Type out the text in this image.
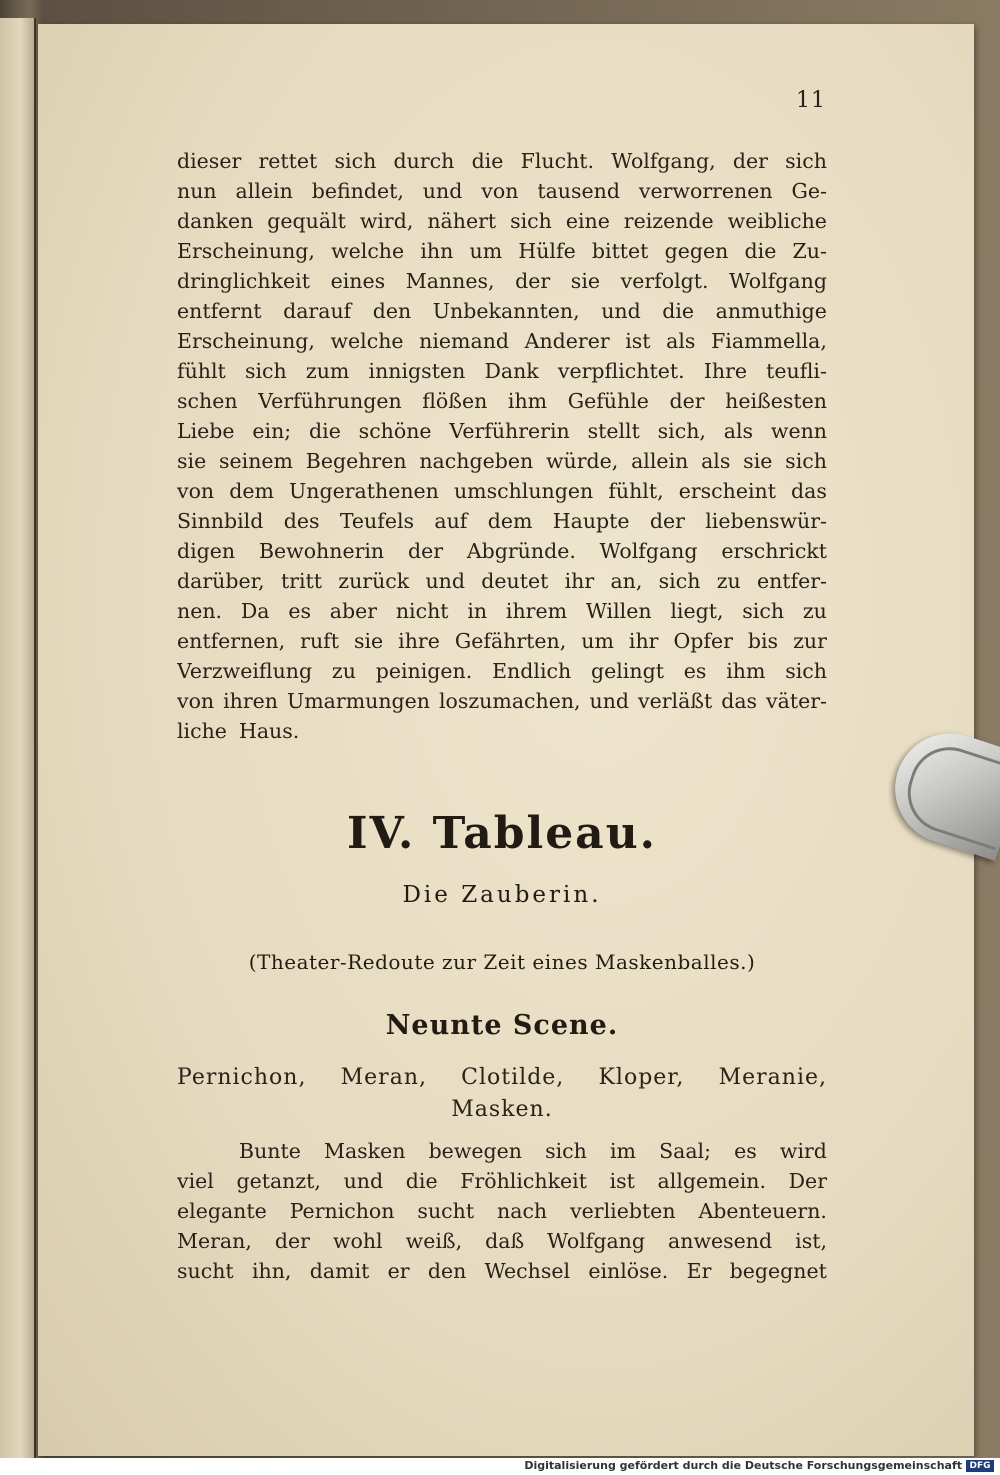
11
dieser rettet sich durch die Flucht. Wolfgang, der sich
nun allein befindet, und von tausend verworrenen Ge-
danken gequält wird, nähert sich eine reizende weibliche
Erscheinung, welche ihn um Hülfe bittet gegen die Zu-
dringlichkeit eines Mannes, der sie verfolgt. Wolfgang
entfernt darauf den Unbekannten, und die anmuthige
Erscheinung, welche niemand Anderer ist als Fiammella,
fühlt sich zum innigsten Dank verpflichtet. Ihre teufli-
schen Verführungen flößen ihm Gefühle der heißesten
Liebe ein; die schöne Verführerin stellt sich, als wenn
sie seinem Begehren nachgeben würde, allein als sie sich
von dem Ungerathenen umschlungen fühlt, erscheint das
Sinnbild des Teufels auf dem Haupte der liebenswür-
digen Bewohnerin der Abgründe. Wolfgang erschrickt
darüber, tritt zurück und deutet ihr an, sich zu entfer-
nen. Da es aber nicht in ihrem Willen liegt, sich zu
entfernen, ruft sie ihre Gefährten, um ihr Opfer bis zur
Verzweiflung zu peinigen. Endlich gelingt es ihm sich
von ihren Umarmungen loszumachen, und verläßt das väter-
liche Haus.
IV. Tableau.
Die Zauberin.
(Theater-Redoute zur Zeit eines Maskenballes.)
Neunte Scene.
Pernichon, Meran, Clotilde, Kloper, Meranie,
Masken.
Bunte Masken bewegen sich im Saal; es wird
viel getanzt, und die Fröhlichkeit ist allgemein. Der
elegante Pernichon sucht nach verliebten Abenteuern.
Meran, der wohl weiß, daß Wolfgang anwesend ist,
sucht ihn, damit er den Wechsel einlöse. Er begegnet
Digitalisierung gefördert durch die Deutsche Forschungsgemeinschaft DFG
